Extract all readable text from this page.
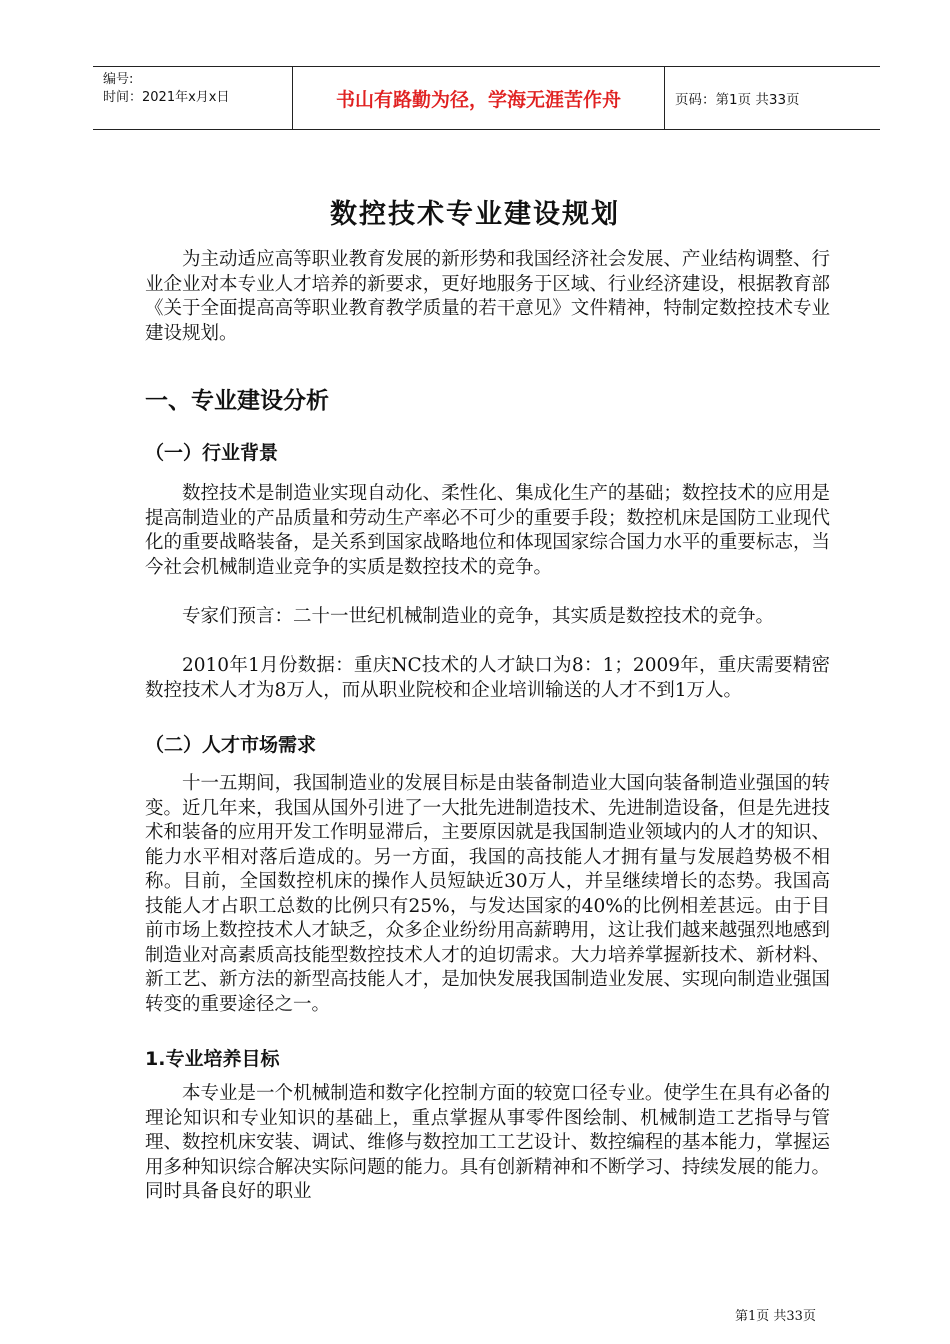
编号:
时间：2021年x月x日	书山有路勤为径，学海无涯苦作舟	页码：第1页 共33页
数控技术专业建设规划

为主动适应高等职业教育发展的新形势和我国经济社会发展、产业结构调整、行业企业对本专业人才培养的新要求，更好地服务于区域、行业经济建设，根据教育部《关于全面提高高等职业教育教学质量的若干意见》文件精神，特制定数控技术专业建设规划。

一、专业建设分析
（一）行业背景

数控技术是制造业实现自动化、柔性化、集成化生产的基础；数控技术的应用是提高制造业的产品质量和劳动生产率必不可少的重要手段；数控机床是国防工业现代化的重要战略装备，是关系到国家战略地位和体现国家综合国力水平的重要标志，当今社会机械制造业竞争的实质是数控技术的竞争。

专家们预言：二十一世纪机械制造业的竞争，其实质是数控技术的竞争。

2010年1月份数据：重庆NC技术的人才缺口为8：1；2009年，重庆需要精密数控技术人才为8万人，而从职业院校和企业培训输送的人才不到1万人。

（二）人才市场需求

十一五期间，我国制造业的发展目标是由装备制造业大国向装备制造业强国的转变。近几年来，我国从国外引进了一大批先进制造技术、先进制造设备，但是先进技术和装备的应用开发工作明显滞后，主要原因就是我国制造业领域内的人才的知识、能力水平相对落后造成的。另一方面，我国的高技能人才拥有量与发展趋势极不相称。目前，全国数控机床的操作人员短缺近30万人，并呈继续增长的态势。我国高技能人才占职工总数的比例只有25%，与发达国家的40%的比例相差甚远。由于目前市场上数控技术人才缺乏，众多企业纷纷用高薪聘用，这让我们越来越强烈地感到制造业对高素质高技能型数控技术人才的迫切需求。大力培养掌握新技术、新材料、新工艺、新方法的新型高技能人才，是加快发展我国制造业发展、实现向制造业强国转变的重要途径之一。

1.专业培养目标

本专业是一个机械制造和数字化控制方面的较宽口径专业。使学生在具有必备的理论知识和专业知识的基础上，重点掌握从事零件图绘制、机械制造工艺指导与管理、数控机床安装、调试、维修与数控加工工艺设计、数控编程的基本能力，掌握运用多种知识综合解决实际问题的能力。具有创新精神和不断学习、持续发展的能力。同时具备良好的职业

第1页 共33页
